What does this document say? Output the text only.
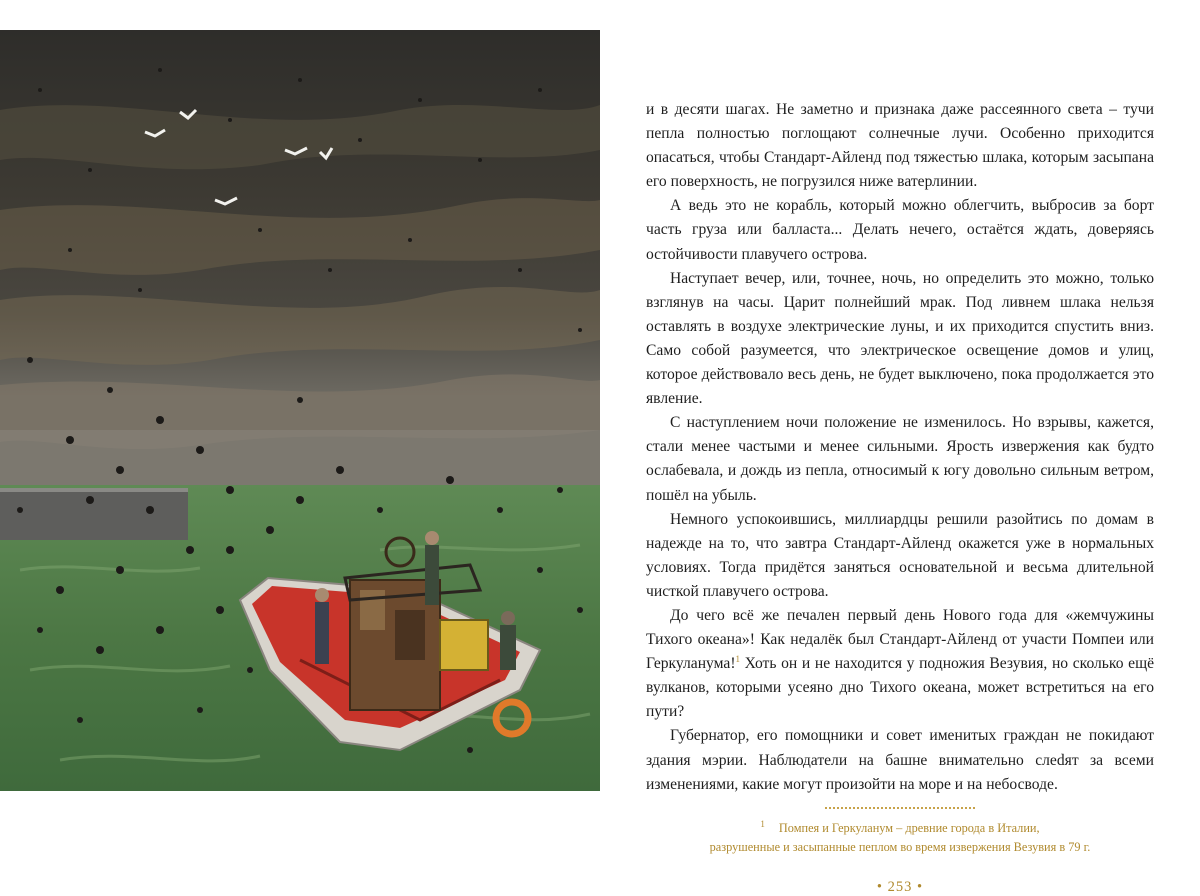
и в десяти шагах. Не заметно и признака даже рассеянного света – тучи пепла полностью поглощают солнечные лучи. Особенно приходится опасаться, чтобы Стандарт-Айленд под тяжестью шлака, которым засыпана его поверхность, не погрузился ниже ватерлинии.

А ведь это не корабль, который можно облегчить, выбросив за борт часть груза или балласта... Делать нечего, остаётся ждать, доверяясь остойчивости плавучего острова.

Наступает вечер, или, точнее, ночь, но определить это можно, только взглянув на часы. Царит полнейший мрак. Под ливнем шлака нельзя оставлять в воздухе электрические луны, и их приходится спустить вниз. Само собой разумеется, что электрическое освещение домов и улиц, которое действовало весь день, не будет выключено, пока продолжается это явление.

С наступлением ночи положение не изменилось. Но взрывы, кажется, стали менее частыми и менее сильными. Ярость извержения как будто ослабевала, и дождь из пепла, относимый к югу довольно сильным ветром, пошёл на убыль.

Немного успокоившись, миллиардцы решили разойтись по домам в надежде на то, что завтра Стандарт-Айленд окажется уже в нормальных условиях. Тогда придётся заняться основательной и весьма длительной чисткой плавучего острова.

До чего всё же печален первый день Нового года для «жемчужины Тихого океана»! Как недалёк был Стандарт-Айленд от участи Помпеи или Геркуланума!$^1$ Хоть он и не находится у подножия Везувия, но сколько ещё вулканов, которыми усеяно дно Тихого океана, может встретиться на его пути?

Губернатор, его помощники и совет именитых граждан не покидают здания мэрии. Наблюдатели на башне внимательно слеdят за всеми изменениями, какие могут произойти на море и на небосводе.

$^1$ Помпея и Геркуланум – древние города в Италии,
разрушенные и засыпанные пеплом во время извержения Везувия в 79 г.
• 253 •
